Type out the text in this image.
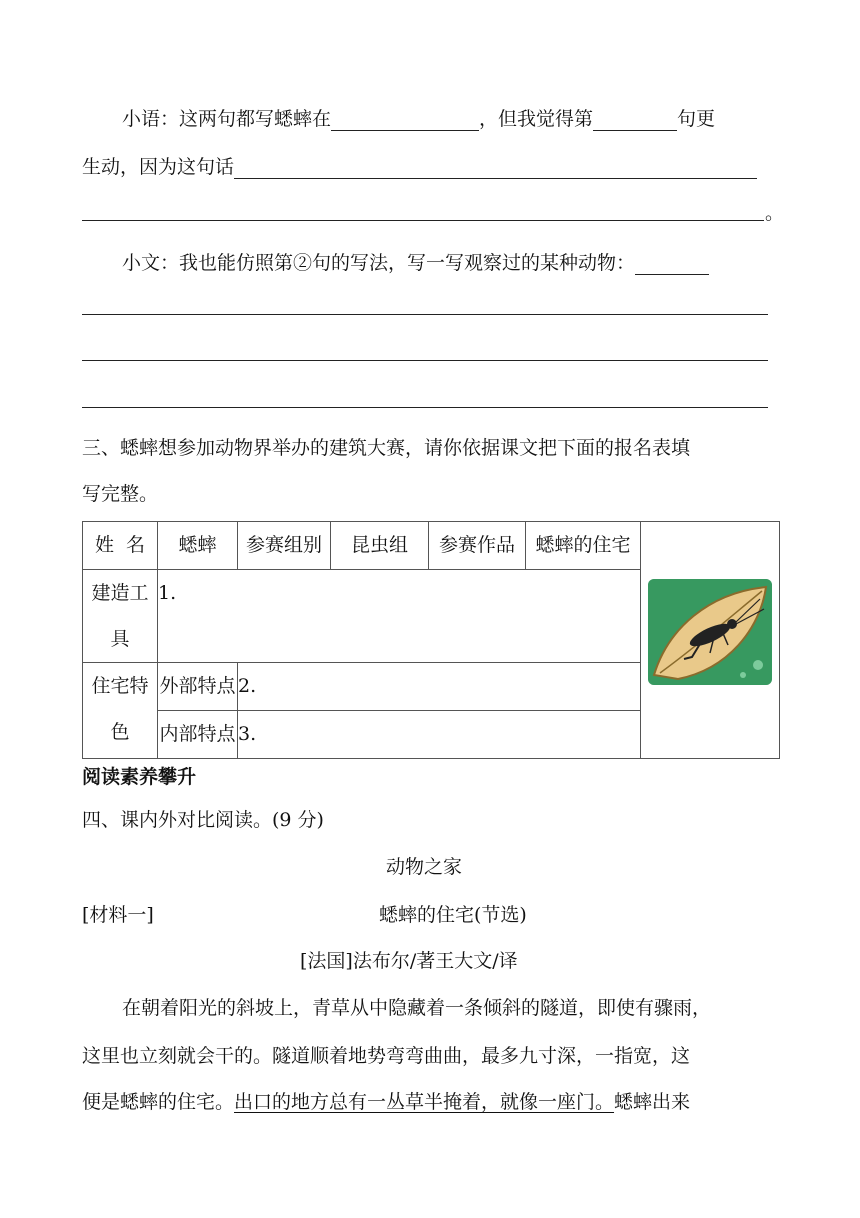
小语：这两句都写蟋蟀在	，但我觉得第	句更
生动，因为这句话
。
小文：我也能仿照第②句的写法，写一写观察过的某种动物：
三、蟋蟀想参加动物界举办的建筑大赛，请你依据课文把下面的报名表填
写完整。
姓  名	蟋蟀	参赛组别	昆虫组	参赛作品	蟋蟀的住宅	
建造工具	1.					
住宅特色	外部特点	2.				
	内部特点	3.				
阅读素养攀升
四、课内外对比阅读。(9 分)
动物之家
[材料一]	蟋蟀的住宅(节选)
[法国]法布尔/著王大文/译
在朝着阳光的斜坡上，青草从中隐藏着一条倾斜的隧道，即使有骤雨，
这里也立刻就会干的。隧道顺着地势弯弯曲曲，最多九寸深，一指宽，这
便是蟋蟀的住宅。出口的地方总有一丛草半掩着，就像一座门。蟋蟀出来
